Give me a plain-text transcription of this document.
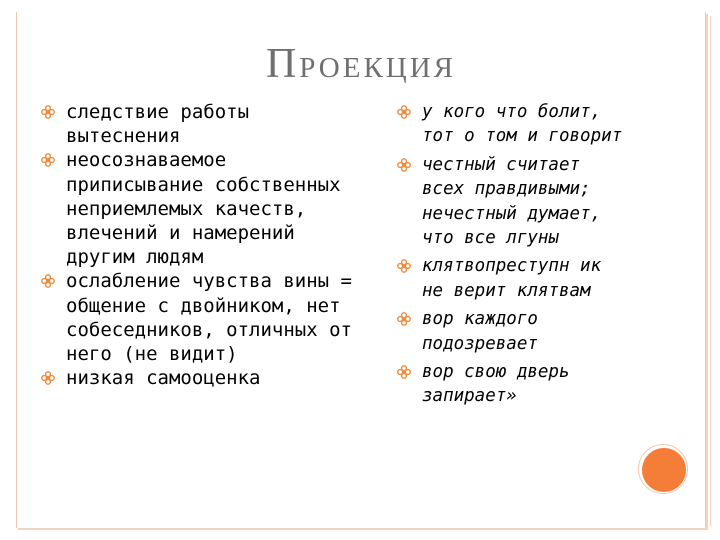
Проекция
следствие работы вытеснения
неосознаваемое приписывание собственных неприемлемых качеств, влечений и намерений другим людям
ослабление чувства вины = общение с двойником, нет собеседников, отличных от него (не видит)
низкая самооценка
у кого что болит, тот о том и говорит
честный считает всех правдивыми; нечестный думает, что все лгуны
клятвопреступн ик не верит клятвам
вор каждого подозревает
вор свою дверь запирает»
